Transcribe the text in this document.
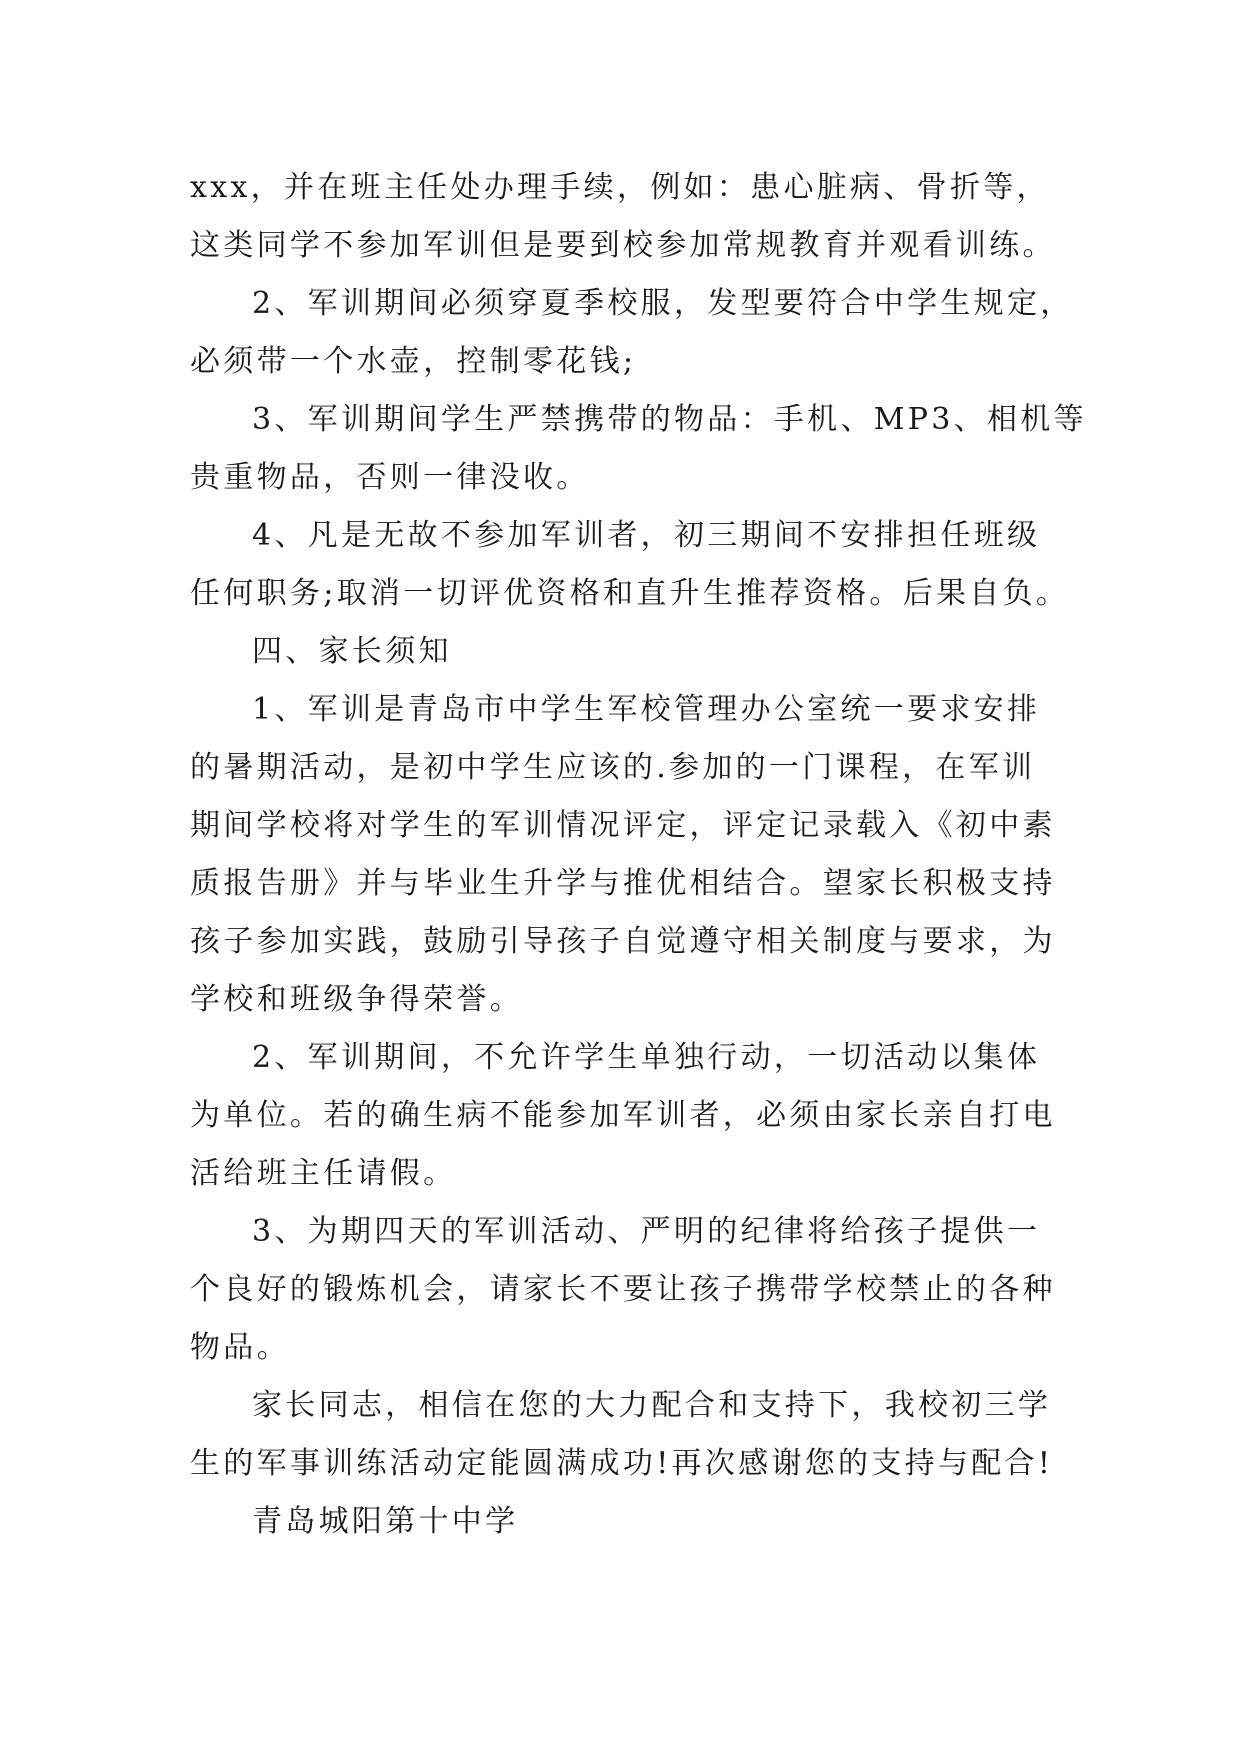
xxx，并在班主任处办理手续，例如：患心脏病、骨折等，
这类同学不参加军训但是要到校参加常规教育并观看训练。
2、军训期间必须穿夏季校服，发型要符合中学生规定，
必须带一个水壶，控制零花钱;
3、军训期间学生严禁携带的物品：手机、MP3、相机等
贵重物品，否则一律没收。
4、凡是无故不参加军训者，初三期间不安排担任班级
任何职务;取消一切评优资格和直升生推荐资格。后果自负。
四、家长须知
1、军训是青岛市中学生军校管理办公室统一要求安排
的暑期活动，是初中学生应该的.参加的一门课程，在军训
期间学校将对学生的军训情况评定，评定记录载入《初中素
质报告册》并与毕业生升学与推优相结合。望家长积极支持
孩子参加实践，鼓励引导孩子自觉遵守相关制度与要求，为
学校和班级争得荣誉。
2、军训期间，不允许学生单独行动，一切活动以集体
为单位。若的确生病不能参加军训者，必须由家长亲自打电
活给班主任请假。
3、为期四天的军训活动、严明的纪律将给孩子提供一
个良好的锻炼机会，请家长不要让孩子携带学校禁止的各种
物品。
家长同志，相信在您的大力配合和支持下，我校初三学
生的军事训练活动定能圆满成功!再次感谢您的支持与配合!
青岛城阳第十中学
